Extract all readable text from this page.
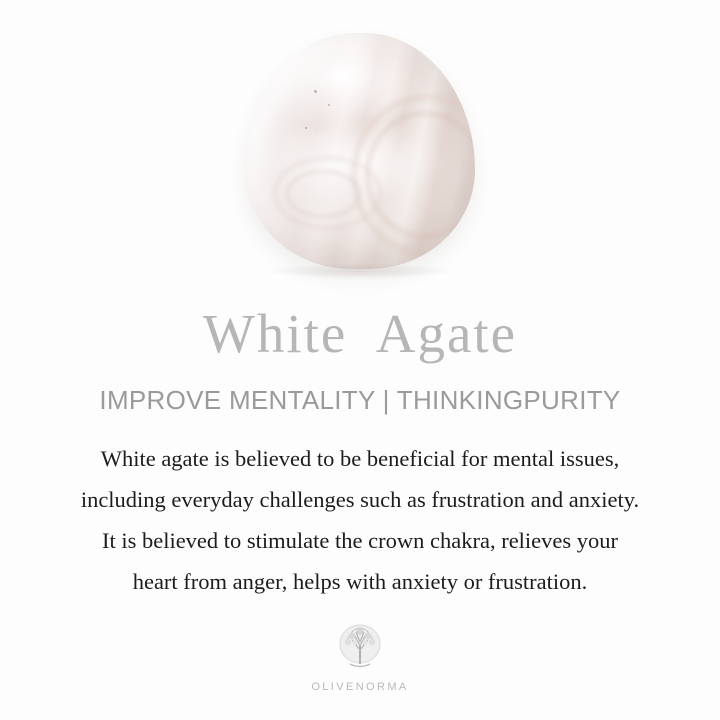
White  Agate
IMPROVE MENTALITY | THINKINGPURITY
White agate is believed to be beneficial for mental issues,
including everyday challenges such as frustration and anxiety.
It is believed to stimulate the crown chakra, relieves your
heart from anger, helps with anxiety or frustration.
OLIVENORMA
